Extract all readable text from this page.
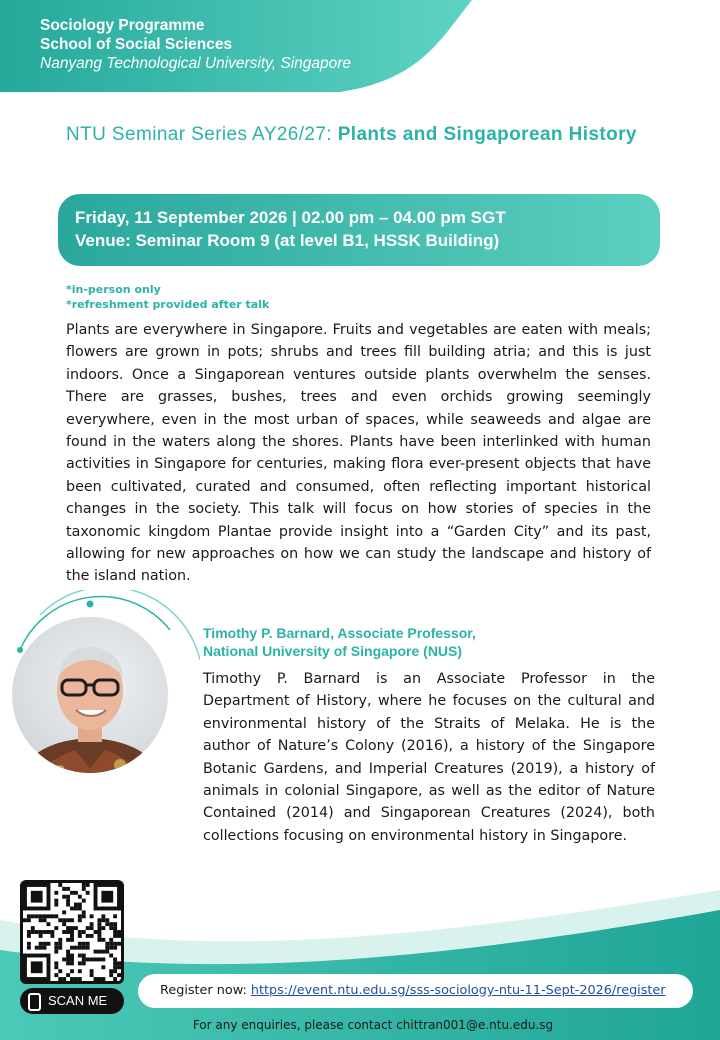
Sociology Programme
School of Social Sciences
Nanyang Technological University, Singapore
NTU Seminar Series AY26/27: Plants and Singaporean History
Friday, 11 September 2026 | 02.00 pm – 04.00 pm SGT
Venue: Seminar Room 9 (at level B1, HSSK Building)
*in-person only
*refreshment provided after talk
Plants are everywhere in Singapore. Fruits and vegetables are eaten with meals; flowers are grown in pots; shrubs and trees fill building atria; and this is just indoors. Once a Singaporean ventures outside plants overwhelm the senses. There are grasses, bushes, trees and even orchids growing seemingly everywhere, even in the most urban of spaces, while seaweeds and algae are found in the waters along the shores. Plants have been interlinked with human activities in Singapore for centuries, making flora ever-present objects that have been cultivated, curated and consumed, often reflecting important historical changes in the society. This talk will focus on how stories of species in the taxonomic kingdom Plantae provide insight into a “Garden City” and its past, allowing for new approaches on how we can study the landscape and history of the island nation.
Timothy P. Barnard, Associate Professor,
National University of Singapore (NUS)
Timothy P. Barnard is an Associate Professor in the Department of History, where he focuses on the cultural and environmental history of the Straits of Melaka. He is the author of Nature’s Colony (2016), a history of the Singapore Botanic Gardens, and Imperial Creatures (2019), a history of animals in colonial Singapore, as well as the editor of Nature Contained (2014) and Singaporean Creatures (2024), both collections focusing on environmental history in Singapore.
SCAN ME
Register now: https://event.ntu.edu.sg/sss-sociology-ntu-11-Sept-2026/register
For any enquiries, please contact chittran001@e.ntu.edu.sg
